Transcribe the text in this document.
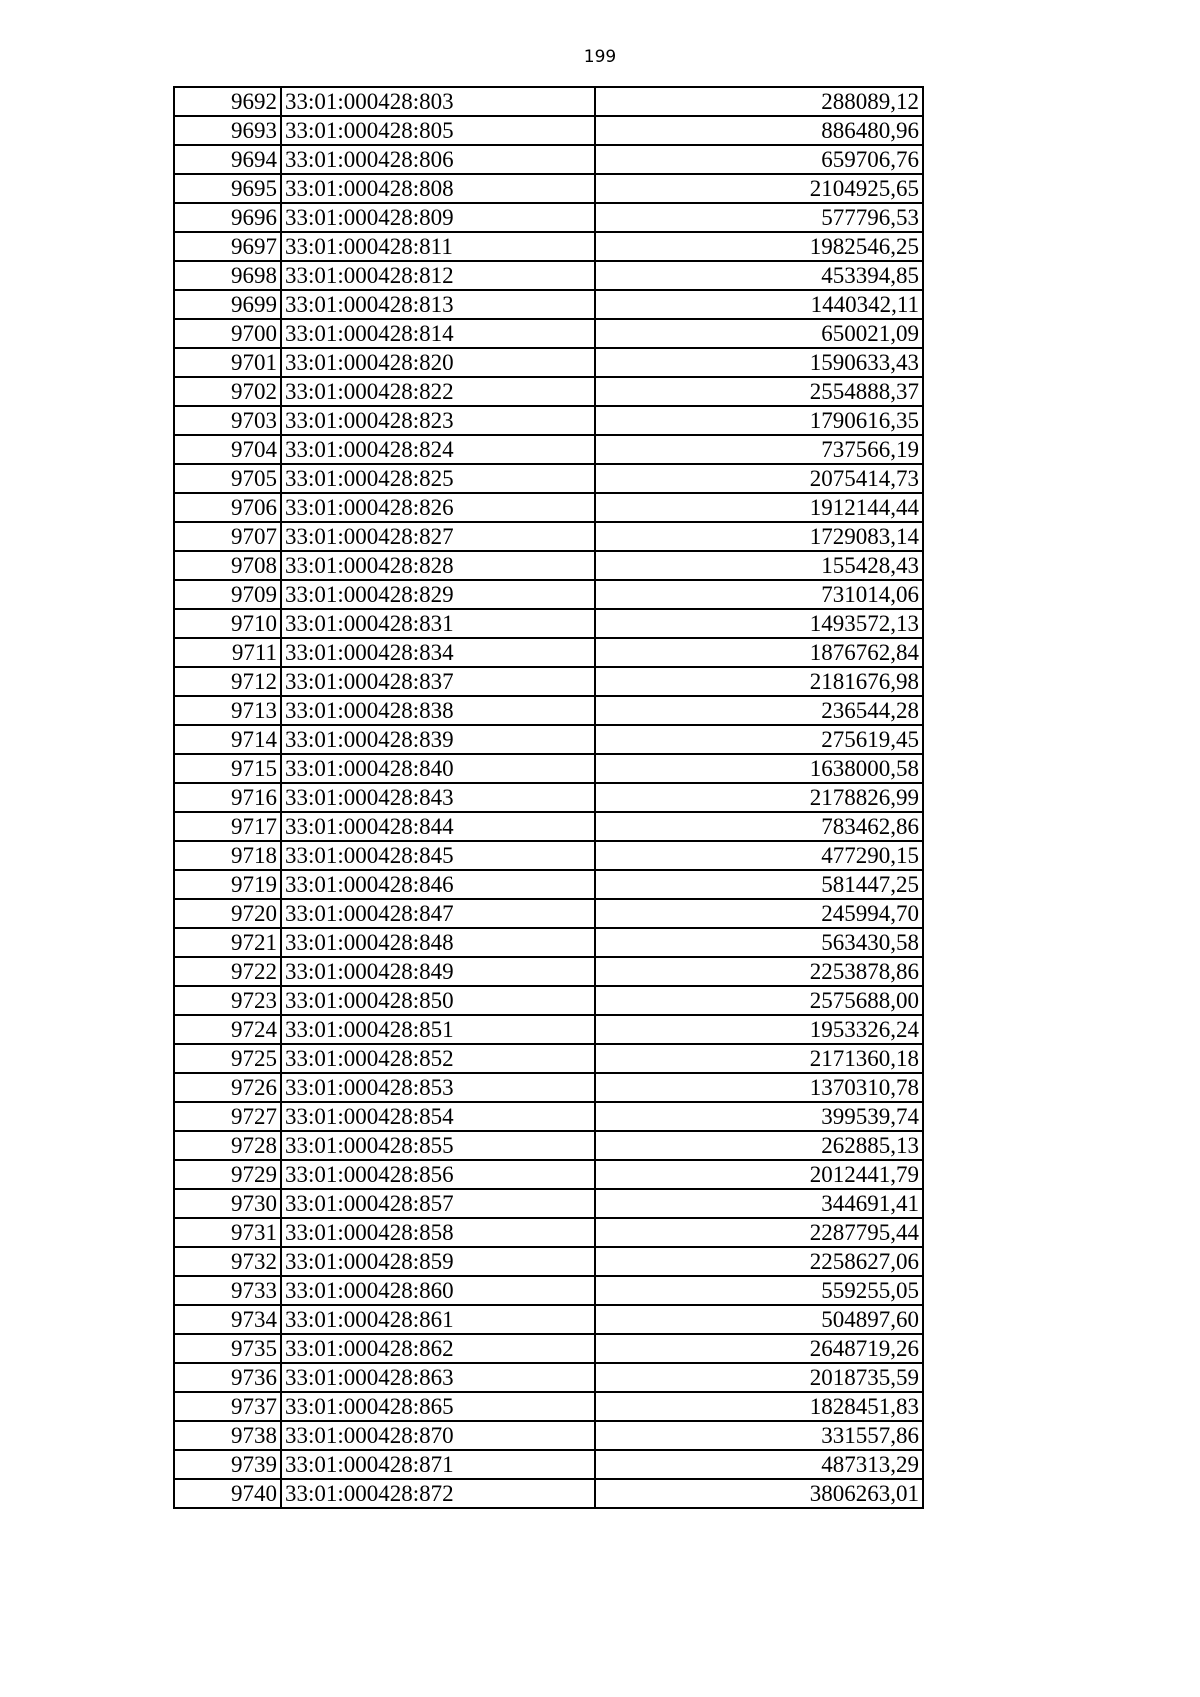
199
9692	33:01:000428:803	288089,12
9693	33:01:000428:805	886480,96
9694	33:01:000428:806	659706,76
9695	33:01:000428:808	2104925,65
9696	33:01:000428:809	577796,53
9697	33:01:000428:811	1982546,25
9698	33:01:000428:812	453394,85
9699	33:01:000428:813	1440342,11
9700	33:01:000428:814	650021,09
9701	33:01:000428:820	1590633,43
9702	33:01:000428:822	2554888,37
9703	33:01:000428:823	1790616,35
9704	33:01:000428:824	737566,19
9705	33:01:000428:825	2075414,73
9706	33:01:000428:826	1912144,44
9707	33:01:000428:827	1729083,14
9708	33:01:000428:828	155428,43
9709	33:01:000428:829	731014,06
9710	33:01:000428:831	1493572,13
9711	33:01:000428:834	1876762,84
9712	33:01:000428:837	2181676,98
9713	33:01:000428:838	236544,28
9714	33:01:000428:839	275619,45
9715	33:01:000428:840	1638000,58
9716	33:01:000428:843	2178826,99
9717	33:01:000428:844	783462,86
9718	33:01:000428:845	477290,15
9719	33:01:000428:846	581447,25
9720	33:01:000428:847	245994,70
9721	33:01:000428:848	563430,58
9722	33:01:000428:849	2253878,86
9723	33:01:000428:850	2575688,00
9724	33:01:000428:851	1953326,24
9725	33:01:000428:852	2171360,18
9726	33:01:000428:853	1370310,78
9727	33:01:000428:854	399539,74
9728	33:01:000428:855	262885,13
9729	33:01:000428:856	2012441,79
9730	33:01:000428:857	344691,41
9731	33:01:000428:858	2287795,44
9732	33:01:000428:859	2258627,06
9733	33:01:000428:860	559255,05
9734	33:01:000428:861	504897,60
9735	33:01:000428:862	2648719,26
9736	33:01:000428:863	2018735,59
9737	33:01:000428:865	1828451,83
9738	33:01:000428:870	331557,86
9739	33:01:000428:871	487313,29
9740	33:01:000428:872	3806263,01
